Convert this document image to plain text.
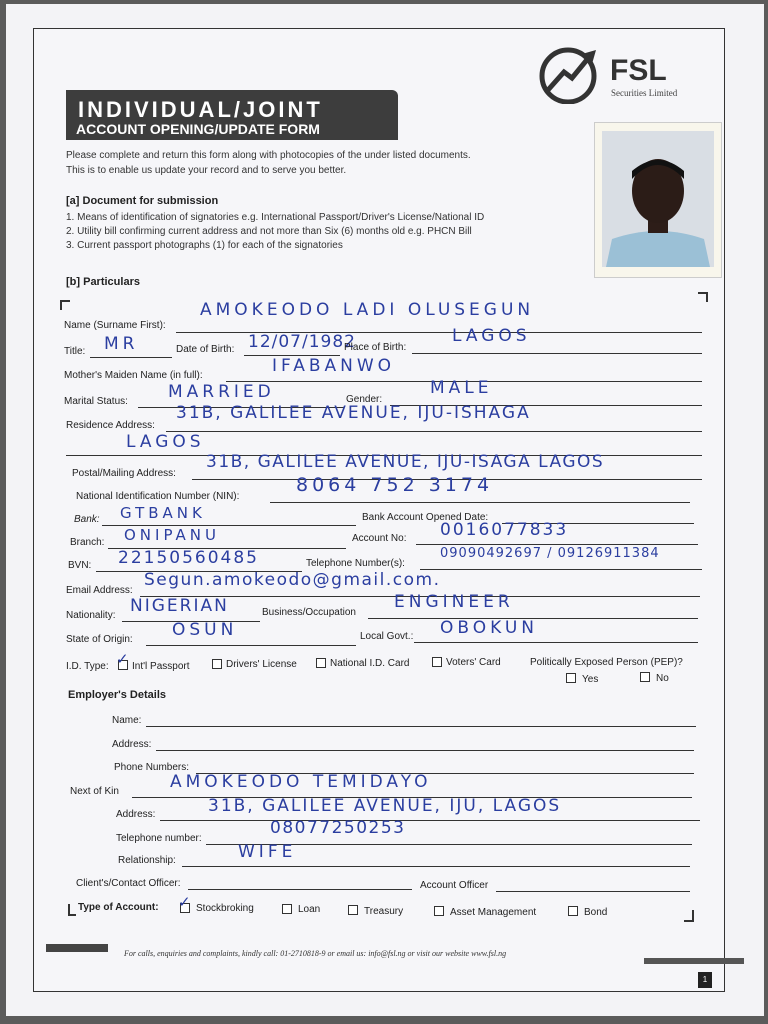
FSL
Securities Limited
INDIVIDUAL/JOINT
ACCOUNT OPENING/UPDATE FORM
Please complete and return this form along with photocopies of the under listed documents.
This is to enable us update your record and to serve you better.
[a] Document for submission
1. Means of identification of signatories e.g. International Passport/Driver's License/National ID
2. Utility bill confirming current address and not more than Six (6) months old e.g. PHCN Bill
3. Current passport photographs (1) for each of the signatories
[b] Particulars
Name (Surname First):
AMOKEODO LADI OLUSEGUN
Title: MR	Date of Birth: 12/07/1982
Place of Birth:
LAGOS
Mother's Maiden Name (in full):	IFABANWO
Marital Status: MARRIED	Gender:
MALE
Residence Address:
31B, GALILEE AVENUE, IJU-ISHAGA
LAGOS
Postal/Mailing Address:
31B, GALILEE AVENUE, IJU-ISAGA LAGOS
National Identification Number (NIN):
8064 752 3174
Bank: GTBANK	Bank Account Opened Date:
Branch: ONIPANU	Account No: 0016077833
BVN: 22150560485	Telephone Number(s):
09090492697 / 09126911384
Email Address:
Segun.amokeodo@gmail.com.
Nationality: NIGERIAN	Business/Occupation
ENGINEER
State of Origin: OSUN	Local Govt.: OBOKUN
I.D. Type: ✓ Int'l Passport	Drivers' License	National I.D. Card	Voters' Card	Politically Exposed Person (PEP)?
Yes	No
Employer's Details
Name:
Address:
Phone Numbers:
Next of Kin	AMOKEODO TEMIDAYO
Address:	31B, GALILEE AVENUE, IJU, LAGOS
Telephone number:
08077250253
Relationship:	WIFE
Client's/Contact Officer:	Account Officer
Type of Account: ✓ Stockbroking	Loan	Treasury	Asset Management	Bond
For calls, enquiries and complaints, kindly call: 01-2710818-9 or email us: info@fsl.ng or visit our website www.fsl.ng
1
